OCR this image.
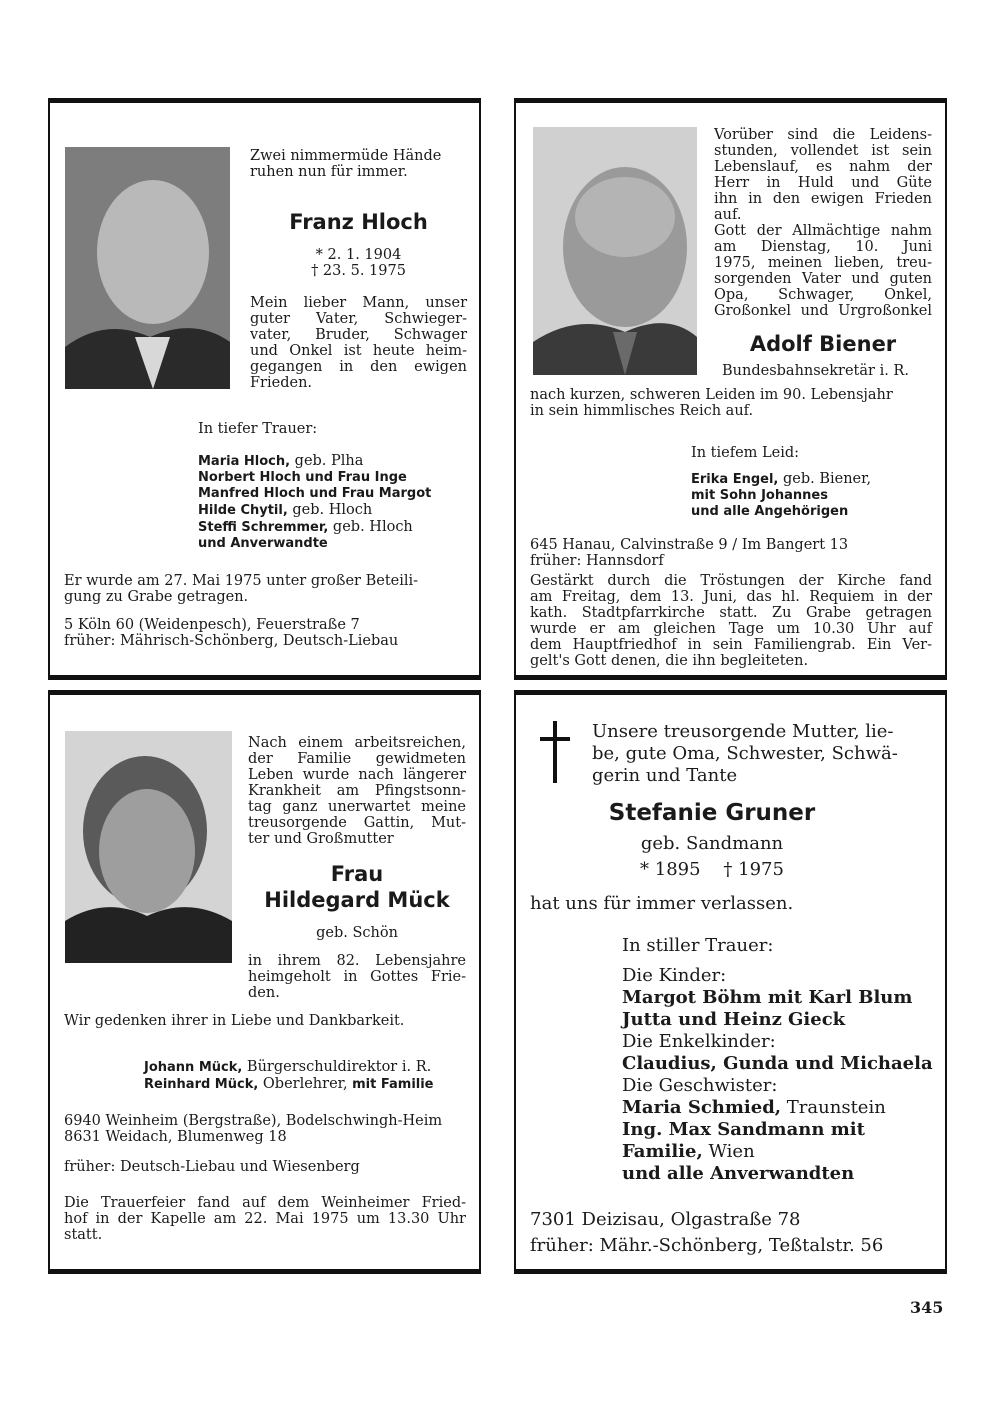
Zwei nimmermüde Hände
ruhen nun für immer.
Franz Hloch
* 2. 1. 1904
† 23. 5. 1975
Mein lieber Mann, unser
guter Vater, Schwieger-
vater, Bruder, Schwager
und Onkel ist heute heim-
gegangen in den ewigen
Frieden.
In tiefer Trauer:
Maria Hloch, geb. Plha
Norbert Hloch und Frau Inge
Manfred Hloch und Frau Margot
Hilde Chytil, geb. Hloch
Steffi Schremmer, geb. Hloch
und Anverwandte
Er wurde am 27. Mai 1975 unter großer Beteili-
gung zu Grabe getragen.
5 Köln 60 (Weidenpesch), Feuerstraße 7
früher: Mährisch-Schönberg, Deutsch-Liebau
Vorüber sind die Leidens-
stunden, vollendet ist sein
Lebenslauf, es nahm der
Herr in Huld und Güte
ihn in den ewigen Frieden
auf.
Gott der Allmächtige nahm
am Dienstag, 10. Juni
1975, meinen lieben, treu-
sorgenden Vater und guten
Opa, Schwager, Onkel,
Großonkel und Urgroßonkel
Adolf Biener
Bundesbahnsekretär i. R.
nach kurzen, schweren Leiden im 90. Lebensjahr
in sein himmlisches Reich auf.
In tiefem Leid:
Erika Engel, geb. Biener,
mit Sohn Johannes
und alle Angehörigen
645 Hanau, Calvinstraße 9 / Im Bangert 13
früher: Hannsdorf
Gestärkt durch die Tröstungen der Kirche fand
am Freitag, dem 13. Juni, das hl. Requiem in der
kath. Stadtpfarrkirche statt. Zu Grabe getragen
wurde er am gleichen Tage um 10.30 Uhr auf
dem Hauptfriedhof in sein Familiengrab. Ein Ver-
gelt's Gott denen, die ihn begleiteten.
Nach einem arbeitsreichen,
der Familie gewidmeten
Leben wurde nach längerer
Krankheit am Pfingstsonn-
tag ganz unerwartet meine
treusorgende Gattin, Mut-
ter und Großmutter
Frau
Hildegard Mück
geb. Schön
in ihrem 82. Lebensjahre
heimgeholt in Gottes Frie-
den.
Wir gedenken ihrer in Liebe und Dankbarkeit.
Johann Mück, Bürgerschuldirektor i. R.
Reinhard Mück, Oberlehrer, mit Familie
6940 Weinheim (Bergstraße), Bodelschwingh-Heim
8631 Weidach, Blumenweg 18
früher: Deutsch-Liebau und Wiesenberg
Die Trauerfeier fand auf dem Weinheimer Fried-
hof in der Kapelle am 22. Mai 1975 um 13.30 Uhr
statt.
Unsere treusorgende Mutter, lie-
be, gute Oma, Schwester, Schwä-
gerin und Tante
Stefanie Gruner
geb. Sandmann
* 1895    † 1975
hat uns für immer verlassen.
In stiller Trauer:
Die Kinder:
Margot Böhm mit Karl Blum
Jutta und Heinz Gieck
Die Enkelkinder:
Claudius, Gunda und Michaela
Die Geschwister:
Maria Schmied, Traunstein
Ing. Max Sandmann mit
Familie, Wien
und alle Anverwandten
7301 Deizisau, Olgastraße 78
früher: Mähr.-Schönberg, Teßtalstr. 56
345
